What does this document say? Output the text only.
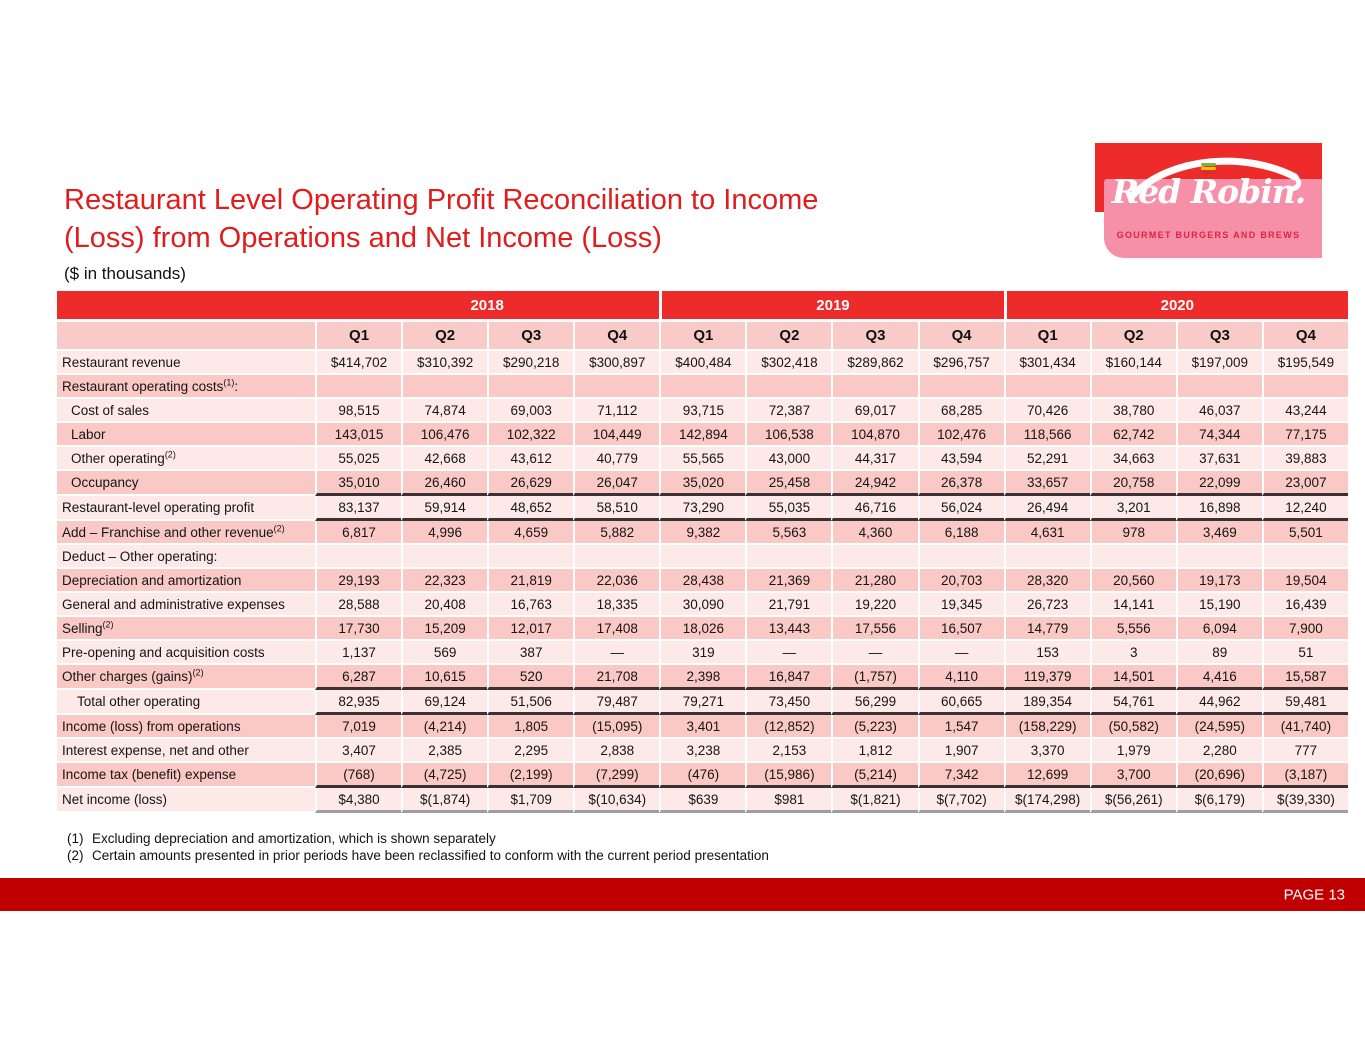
Restaurant Level Operating Profit Reconciliation to Income
(Loss) from Operations and Net Income (Loss)
($ in thousands)
Red Robin.
GOURMET BURGERS AND BREWS
2018					2019				2020			
	Q1	Q2	Q3	Q4	Q1	Q2	Q3	Q4	Q1	Q2	Q3	Q4
Restaurant revenue	$414,702	$310,392	$290,218	$300,897	$400,484	$302,418	$289,862	$296,757	$301,434	$160,144	$197,009	$195,549
Restaurant operating costs$^{(1)}$:												
Cost of sales	98,515	74,874	69,003	71,112	93,715	72,387	69,017	68,285	70,426	38,780	46,037	43,244
Labor	143,015	106,476	102,322	104,449	142,894	106,538	104,870	102,476	118,566	62,742	74,344	77,175
Other operating$^{(2)}$	55,025	42,668	43,612	40,779	55,565	43,000	44,317	43,594	52,291	34,663	37,631	39,883
Occupancy	35,010	26,460	26,629	26,047	35,020	25,458	24,942	26,378	33,657	20,758	22,099	23,007
Restaurant-level operating profit	83,137	59,914	48,652	58,510	73,290	55,035	46,716	56,024	26,494	3,201	16,898	12,240
Add – Franchise and other revenue$^{(2)}$	6,817	4,996	4,659	5,882	9,382	5,563	4,360	6,188	4,631	978	3,469	5,501
Deduct – Other operating:												
Depreciation and amortization	29,193	22,323	21,819	22,036	28,438	21,369	21,280	20,703	28,320	20,560	19,173	19,504
General and administrative expenses	28,588	20,408	16,763	18,335	30,090	21,791	19,220	19,345	26,723	14,141	15,190	16,439
Selling$^{(2)}$	17,730	15,209	12,017	17,408	18,026	13,443	17,556	16,507	14,779	5,556	6,094	7,900
Pre-opening and acquisition costs	1,137	569	387	—	319	—	—	—	153	3	89	51
Other charges (gains)$^{(2)}$	6,287	10,615	520	21,708	2,398	16,847	(1,757)	4,110	119,379	14,501	4,416	15,587
Total other operating	82,935	69,124	51,506	79,487	79,271	73,450	56,299	60,665	189,354	54,761	44,962	59,481
Income (loss) from operations	7,019	(4,214)	1,805	(15,095)	3,401	(12,852)	(5,223)	1,547	(158,229)	(50,582)	(24,595)	(41,740)
Interest expense, net and other	3,407	2,385	2,295	2,838	3,238	2,153	1,812	1,907	3,370	1,979	2,280	777
Income tax (benefit) expense	(768)	(4,725)	(2,199)	(7,299)	(476)	(15,986)	(5,214)	7,342	12,699	3,700	(20,696)	(3,187)
Net income (loss)	$4,380	$(1,874)	$1,709	$(10,634)	$639	$981	$(1,821)	$(7,702)	$(174,298)	$(56,261)	$(6,179)	$(39,330)
(1) Excluding depreciation and amortization, which is shown separately
(2) Certain amounts presented in prior periods have been reclassified to conform with the current period presentation
PAGE 13
